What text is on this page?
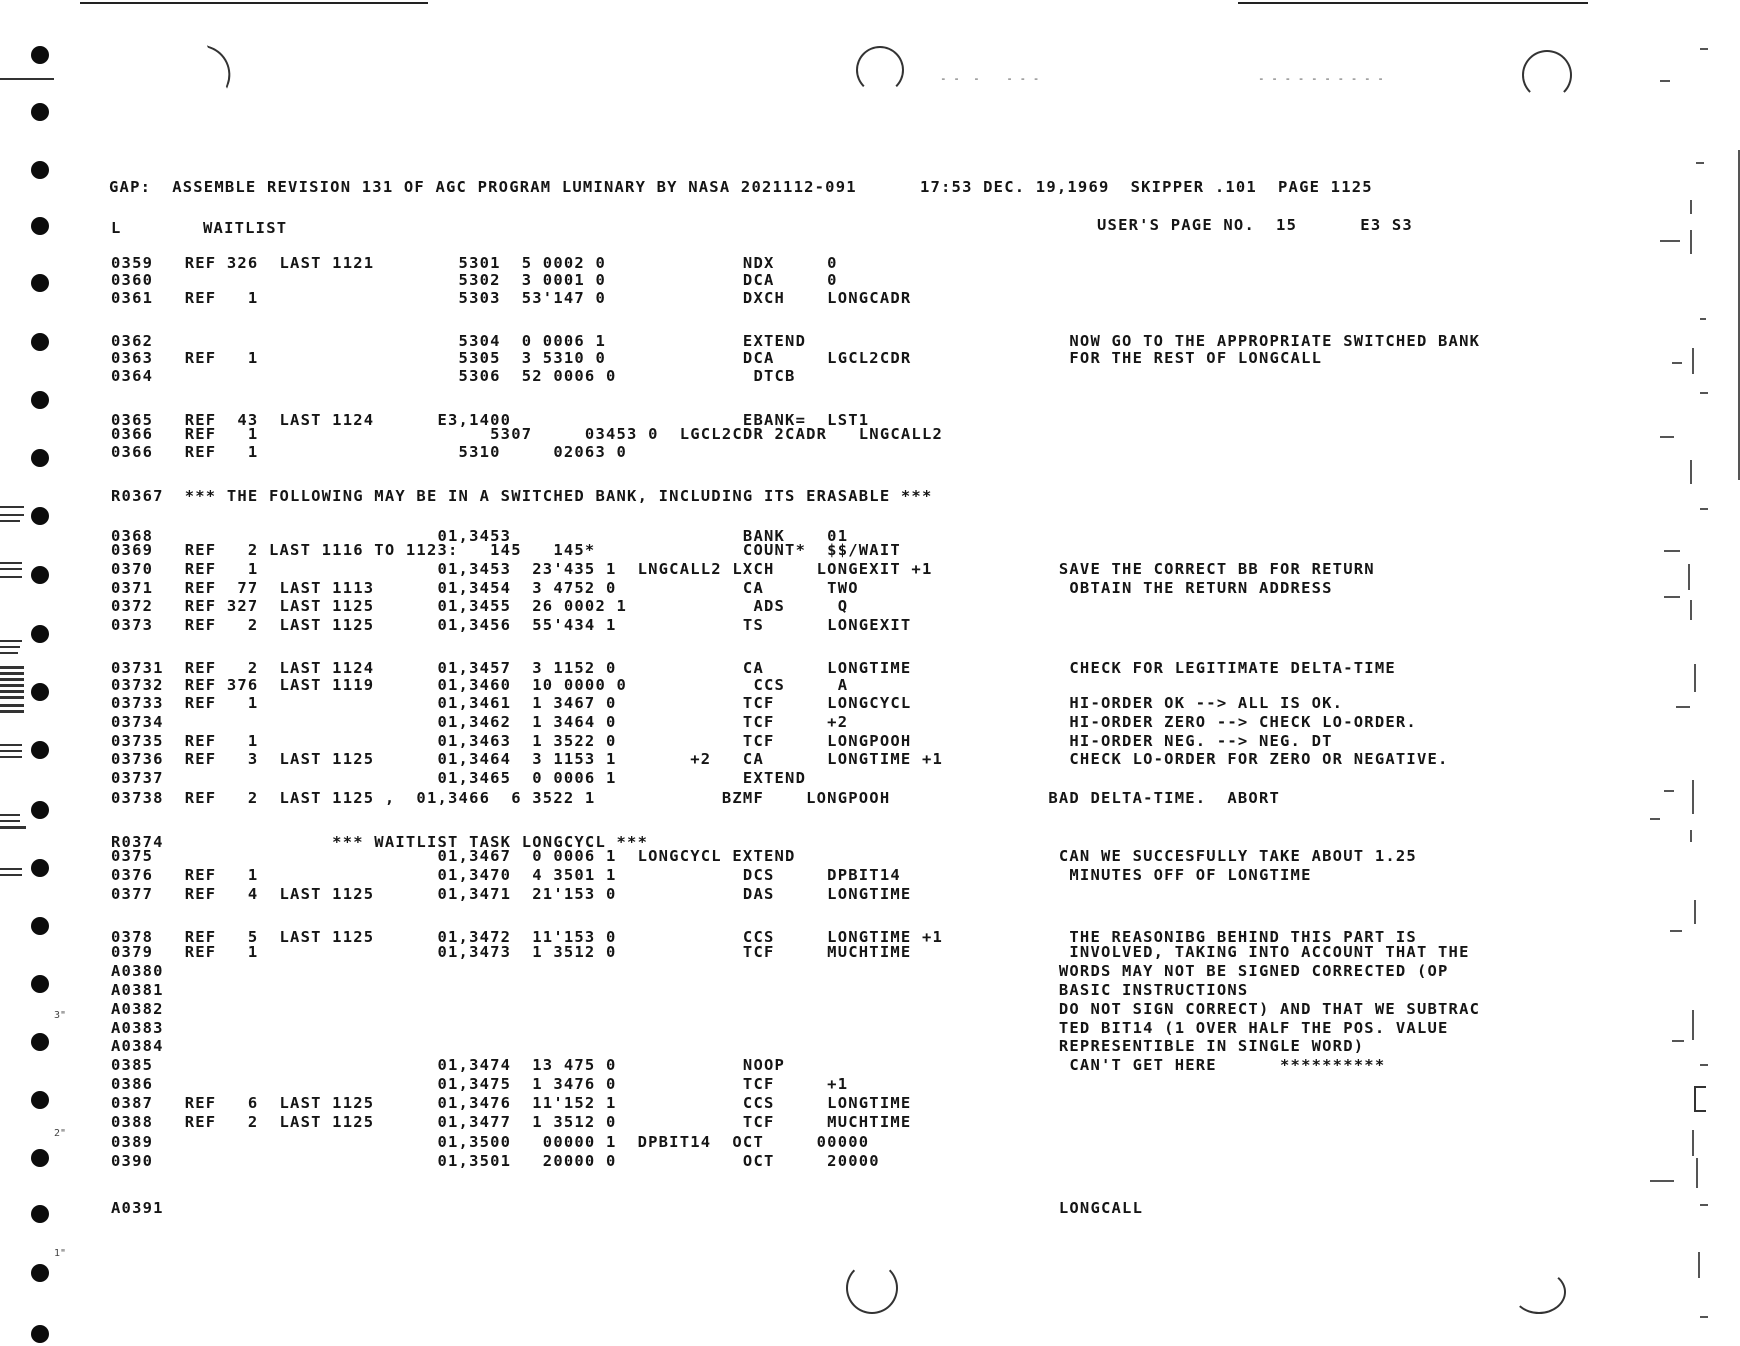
- -  -    - - -	- - - - - - - - - -
3"
2"
1"
GAP:  ASSEMBLE REVISION 131 OF AGC PROGRAM LUMINARY BY NASA 2021112-091      17:53 DEC. 19,1969  SKIPPER .101  PAGE 1125
L	WAITLIST	USER'S PAGE NO.  15      E3 S3
0359   REF 326  LAST 1121        5301  5 0002 0             NDX     0
0360                             5302  3 0001 0             DCA     0
0361   REF   1                   5303  53'147 0             DXCH    LONGCADR
0362                             5304  0 0006 1             EXTEND                         NOW GO TO THE APPROPRIATE SWITCHED BANK
0363   REF   1                   5305  3 5310 0             DCA     LGCL2CDR               FOR THE REST OF LONGCALL
0364                             5306  52 0006 0             DTCB
0365   REF  43  LAST 1124      E3,1400                      EBANK=  LST1
0366   REF   1                      5307     03453 0  LGCL2CDR 2CADR   LNGCALL2
0366   REF   1                   5310     02063 0
R0367  *** THE FOLLOWING MAY BE IN A SWITCHED BANK, INCLUDING ITS ERASABLE ***
0368                           01,3453                      BANK    01
0369   REF   2 LAST 1116 TO 1123:   145   145*              COUNT*  $$/WAIT
0370   REF   1                 01,3453  23'435 1  LNGCALL2 LXCH    LONGEXIT +1            SAVE THE CORRECT BB FOR RETURN
0371   REF  77  LAST 1113      01,3454  3 4752 0            CA      TWO                    OBTAIN THE RETURN ADDRESS
0372   REF 327  LAST 1125      01,3455  26 0002 1            ADS     Q
0373   REF   2  LAST 1125      01,3456  55'434 1            TS      LONGEXIT
03731  REF   2  LAST 1124      01,3457  3 1152 0            CA      LONGTIME               CHECK FOR LEGITIMATE DELTA-TIME
03732  REF 376  LAST 1119      01,3460  10 0000 0            CCS     A
03733  REF   1                 01,3461  1 3467 0            TCF     LONGCYCL               HI-ORDER OK --> ALL IS OK.
03734                          01,3462  1 3464 0            TCF     +2                     HI-ORDER ZERO --> CHECK LO-ORDER.
03735  REF   1                 01,3463  1 3522 0            TCF     LONGPOOH               HI-ORDER NEG. --> NEG. DT
03736  REF   3  LAST 1125      01,3464  3 1153 1       +2   CA      LONGTIME +1            CHECK LO-ORDER FOR ZERO OR NEGATIVE.
03737                          01,3465  0 0006 1            EXTEND
03738  REF   2  LAST 1125 ,  01,3466  6 3522 1            BZMF    LONGPOOH               BAD DELTA-TIME.  ABORT
R0374                *** WAITLIST TASK LONGCYCL ***
0375                           01,3467  0 0006 1  LONGCYCL EXTEND                         CAN WE SUCCESFULLY TAKE ABOUT 1.25
0376   REF   1                 01,3470  4 3501 1            DCS     DPBIT14                MINUTES OFF OF LONGTIME
0377   REF   4  LAST 1125      01,3471  21'153 0            DAS     LONGTIME
0378   REF   5  LAST 1125      01,3472  11'153 0            CCS     LONGTIME +1            THE REASONIBG BEHIND THIS PART IS
0379   REF   1                 01,3473  1 3512 0            TCF     MUCHTIME               INVOLVED, TAKING INTO ACCOUNT THAT THE
A0380                                                                                     WORDS MAY NOT BE SIGNED CORRECTED (OP
A0381                                                                                     BASIC INSTRUCTIONS
A0382                                                                                     DO NOT SIGN CORRECT) AND THAT WE SUBTRAC
A0383                                                                                     TED BIT14 (1 OVER HALF THE POS. VALUE
A0384                                                                                     REPRESENTIBLE IN SINGLE WORD)
0385                           01,3474  13 475 0            NOOP                           CAN'T GET HERE      **********
0386                           01,3475  1 3476 0            TCF     +1
0387   REF   6  LAST 1125      01,3476  11'152 1            CCS     LONGTIME
0388   REF   2  LAST 1125      01,3477  1 3512 0            TCF     MUCHTIME
0389                           01,3500   00000 1  DPBIT14  OCT     00000
0390                           01,3501   20000 0            OCT     20000
A0391                                                                                     LONGCALL
